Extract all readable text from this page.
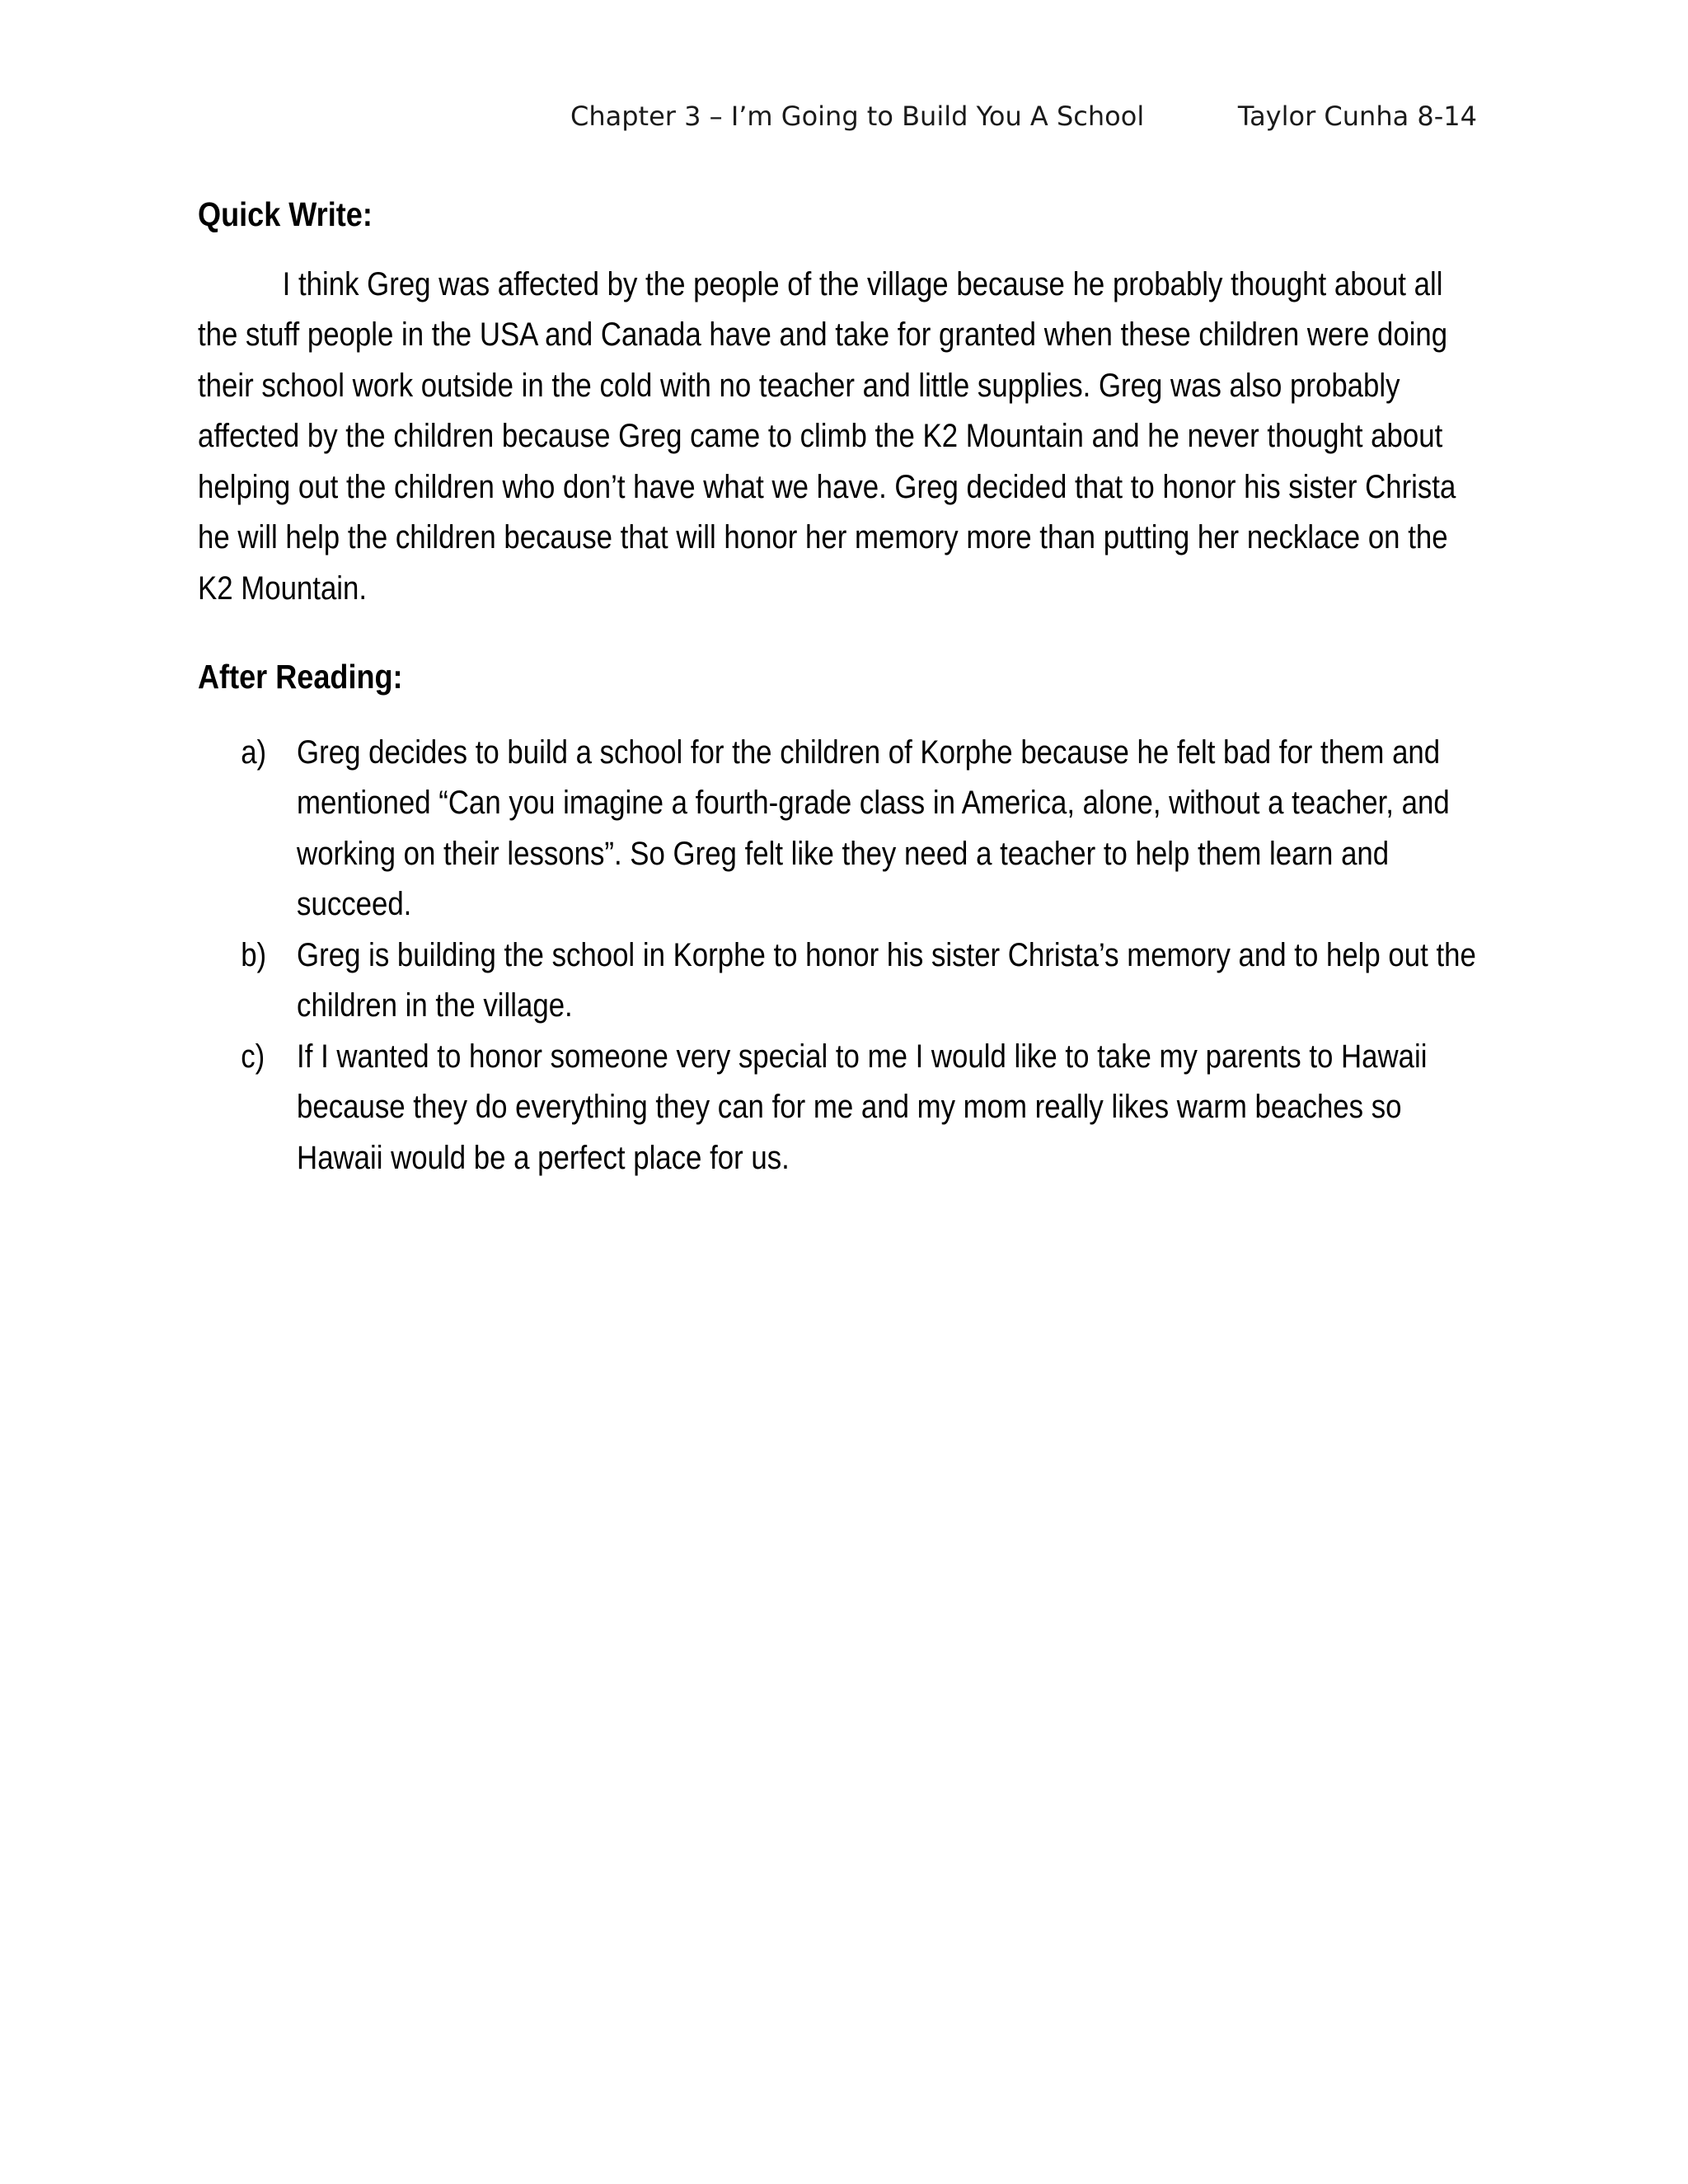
Chapter 3 – I’m Going to Build You A School	Taylor Cunha 8-14
Quick Write:

I think Greg was affected by the people of the village because he probably thought about all the stuff people in the USA and Canada have and take for granted when these children were doing their school work outside in the cold with no teacher and little supplies. Greg was also probably affected by the children because Greg came to climb the K2 Mountain and he never thought about helping out the children who don’t have what we have. Greg decided that to honor his sister Christa he will help the children because that will honor her memory more than putting her necklace on the K2 Mountain.

After Reading:
a) Greg decides to build a school for the children of Korphe because he felt bad for them and mentioned “Can you imagine a fourth-grade class in America, alone, without a teacher, and working on their lessons”. So Greg felt like they need a teacher to help them learn and succeed.
b) Greg is building the school in Korphe to honor his sister Christa’s memory and to help out the children in the village.
c) If I wanted to honor someone very special to me I would like to take my parents to Hawaii because they do everything they can for me and my mom really likes warm beaches so Hawaii would be a perfect place for us.
